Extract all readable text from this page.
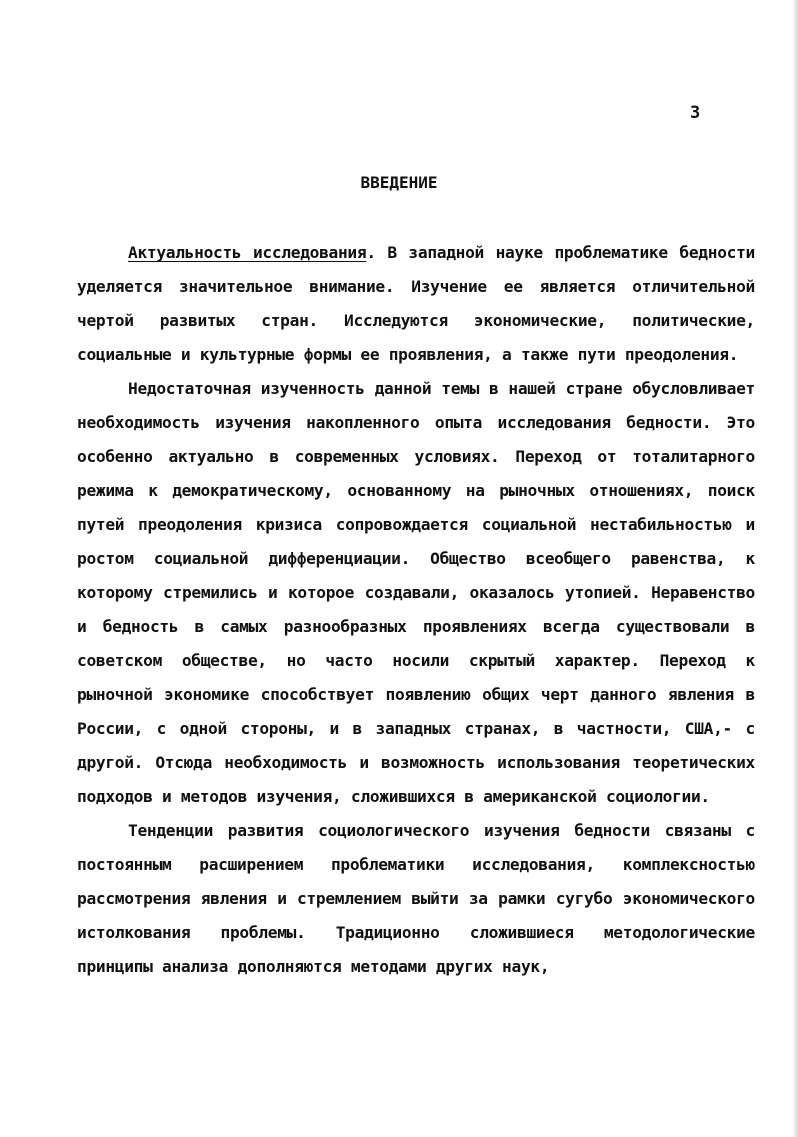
3
ВВЕДЕНИЕ

Актуальность исследования. В западной науке проблематике бедности уделяется значительное внимание. Изучение ее является отличительной чертой развитых стран. Исследуются экономические, политические, социальные и культурные формы ее проявления, а также пути преодоления.

Недостаточная изученность данной темы в нашей стране обусловливает необходимость изучения накопленного опыта исследования бедности. Это особенно актуально в современных условиях. Переход от тоталитарного режима к демократическому, основанному на рыночных отношениях, поиск путей преодоления кризиса сопровождается социальной нестабильностью и ростом социальной дифференциации. Общество всеобщего равенства, к которому стремились и которое создавали, оказалось утопией. Неравенство и бедность в самых разнообразных проявлениях всегда существовали в советском обществе, но часто носили скрытый характер. Переход к рыночной экономике способствует появлению общих черт данного явления в России, с одной стороны, и в западных странах, в частности, США,- с другой. Отсюда необходимость и возможность использования теоретических подходов и методов изучения, сложившихся в американской социологии.

Тенденции развития социологического изучения бедности связаны с постоянным расширением проблематики исследования, комплексностью рассмотрения явления и стремлением выйти за рамки сугубо экономического истолкования проблемы. Традиционно сложившиеся методологические принципы анализа дополняются методами других наук,
